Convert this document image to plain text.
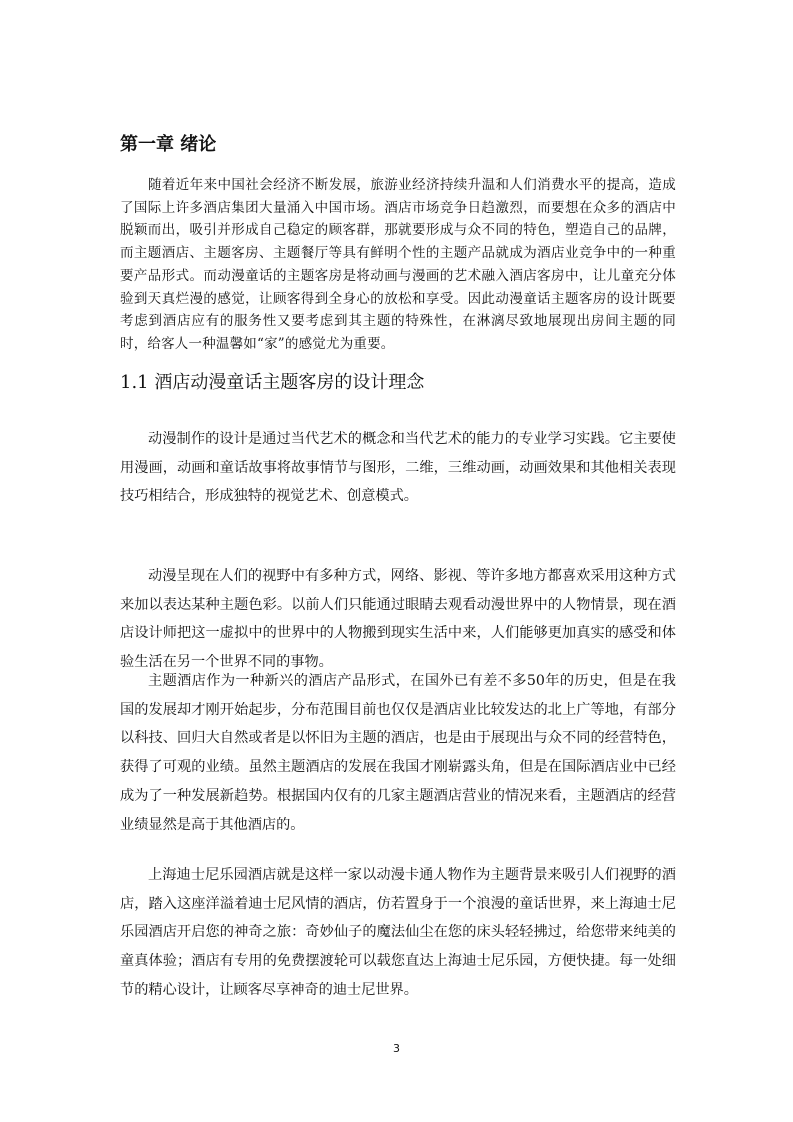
第一章 绪论

随着近年来中国社会经济不断发展，旅游业经济持续升温和人们消费水平的提高，造成了国际上许多酒店集团大量涌入中国市场。酒店市场竞争日趋激烈，而要想在众多的酒店中脱颖而出，吸引并形成自己稳定的顾客群，那就要形成与众不同的特色，塑造自己的品牌，而主题酒店、主题客房、主题餐厅等具有鲜明个性的主题产品就成为酒店业竞争中的一种重要产品形式。而动漫童话的主题客房是将动画与漫画的艺术融入酒店客房中，让儿童充分体验到天真烂漫的感觉，让顾客得到全身心的放松和享受。因此动漫童话主题客房的设计既要考虑到酒店应有的服务性又要考虑到其主题的特殊性，在淋漓尽致地展现出房间主题的同时，给客人一种温馨如“家”的感觉尤为重要。

1.1 酒店动漫童话主题客房的设计理念

动漫制作的设计是通过当代艺术的概念和当代艺术的能力的专业学习实践。它主要使用漫画，动画和童话故事将故事情节与图形，二维，三维动画，动画效果和其他相关表现技巧相结合，形成独特的视觉艺术、创意模式。

动漫呈现在人们的视野中有多种方式，网络、影视、等许多地方都喜欢采用这种方式来加以表达某种主题色彩。以前人们只能通过眼睛去观看动漫世界中的人物情景，现在酒店设计师把这一虚拟中的世界中的人物搬到现实生活中来，人们能够更加真实的感受和体验生活在另一个世界不同的事物。

主题酒店作为一种新兴的酒店产品形式，在国外已有差不多50年的历史，但是在我国的发展却才刚开始起步，分布范围目前也仅仅是酒店业比较发达的北上广等地，有部分以科技、回归大自然或者是以怀旧为主题的酒店，也是由于展现出与众不同的经营特色，获得了可观的业绩。虽然主题酒店的发展在我国才刚崭露头角，但是在国际酒店业中已经成为了一种发展新趋势。根据国内仅有的几家主题酒店营业的情况来看，主题酒店的经营业绩显然是高于其他酒店的。

上海迪士尼乐园酒店就是这样一家以动漫卡通人物作为主题背景来吸引人们视野的酒店，踏入这座洋溢着迪士尼风情的酒店，仿若置身于一个浪漫的童话世界，来上海迪士尼乐园酒店开启您的神奇之旅：奇妙仙子的魔法仙尘在您的床头轻轻拂过，给您带来纯美的童真体验；酒店有专用的免费摆渡轮可以载您直达上海迪士尼乐园，方便快捷。每一处细节的精心设计，让顾客尽享神奇的迪士尼世界。

3
